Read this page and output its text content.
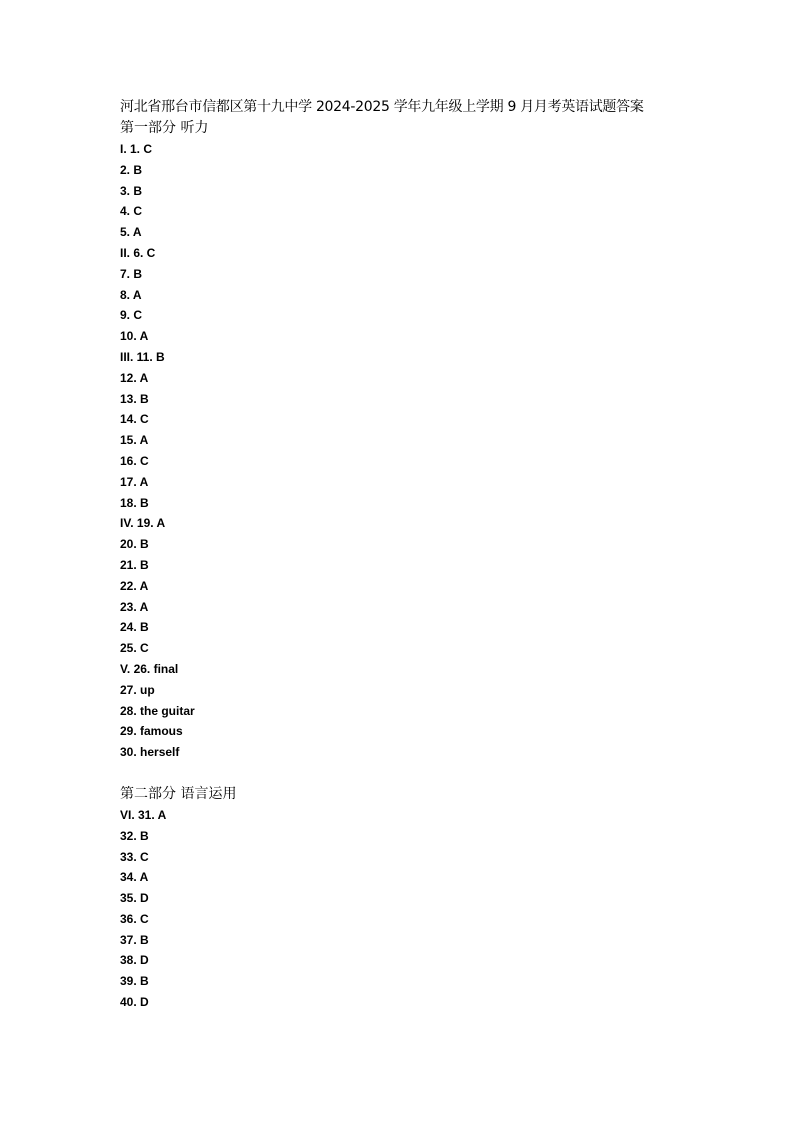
河北省邢台市信都区第十九中学 2024-2025 学年九年级上学期 9 月月考英语试题答案
第一部分 听力
I. 1. C
2. B
3. B
4. C
5. A
II. 6. C
7. B
8. A
9. C
10. A
III. 11. B
12. A
13. B
14. C
15. A
16. C
17. A
18. B
IV. 19. A
20. B
21. B
22. A
23. A
24. B
25. C
V. 26. final
27. up
28. the guitar
29. famous
30. herself
第二部分 语言运用
VI. 31. A
32. B
33. C
34. A
35. D
36. C
37. B
38. D
39. B
40. D
